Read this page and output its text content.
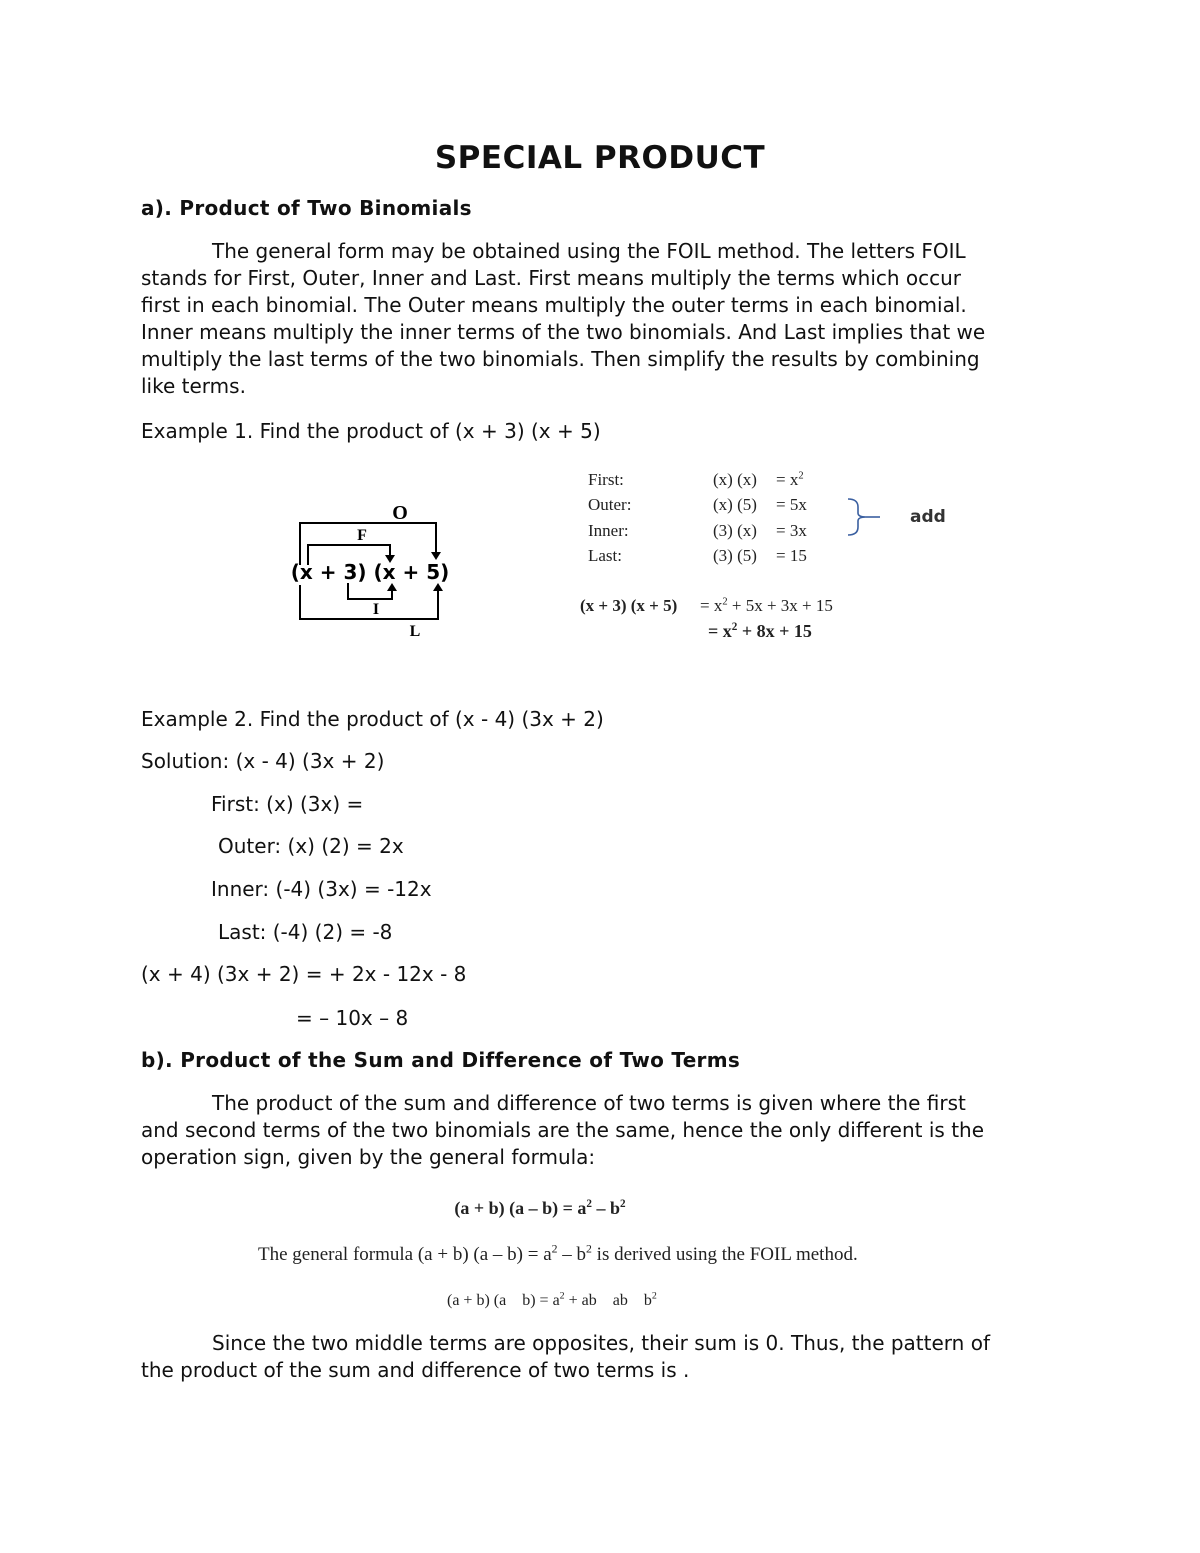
SPECIAL PRODUCT
a). Product of Two Binomials

The general form may be obtained using the FOIL method. The letters FOIL

stands for First, Outer, Inner and Last. First means multiply the terms which occur

first in each binomial. The Outer means multiply the outer terms in each binomial.

Inner means multiply the inner terms of the two binomials. And Last implies that we

multiply the last terms of the two binomials. Then simplify the results by combining

like terms.

Example 1. Find the product of (x + 3) (x + 5)
(x + 3) (x + 5)
O
F
I
L
First:	(x) $(x) = x^2$
Outer:	(x) (5) = 5x
Inner:	(3) (x) = 3x
Last:	(3) (5) = 15
add
(x + 3) $(x + 5) = x^2 + 5x + 3x + 15$
= $x^2 + 8x + 15$
Example 2. Find the product of (x - 4) (3x + 2)
Solution: (x - 4) (3x + 2)
First: (x) (3x) =
Outer: (x) (2) = 2x
Inner: (-4) (3x) = -12x
Last: (-4) (2) = -8
(x + 4) (3x + 2) = + 2x - 12x - 8
= – 10x – 8
b). Product of the Sum and Difference of Two Terms

The product of the sum and difference of two terms is given where the first

and second terms of the two binomials are the same, hence the only different is the

operation sign, given by the general formula:

(a + b) $(a - b) = a^2 - b^2$
The general formula (a + b) $(a - b) = a^2 - b^2$ is derived using the FOIL method.
(a + b) (a    $b) = a^2$ + ab    ab    $b^2$

Since the two middle terms are opposites, their sum is 0. Thus, the pattern of

the product of the sum and difference of two terms is .
